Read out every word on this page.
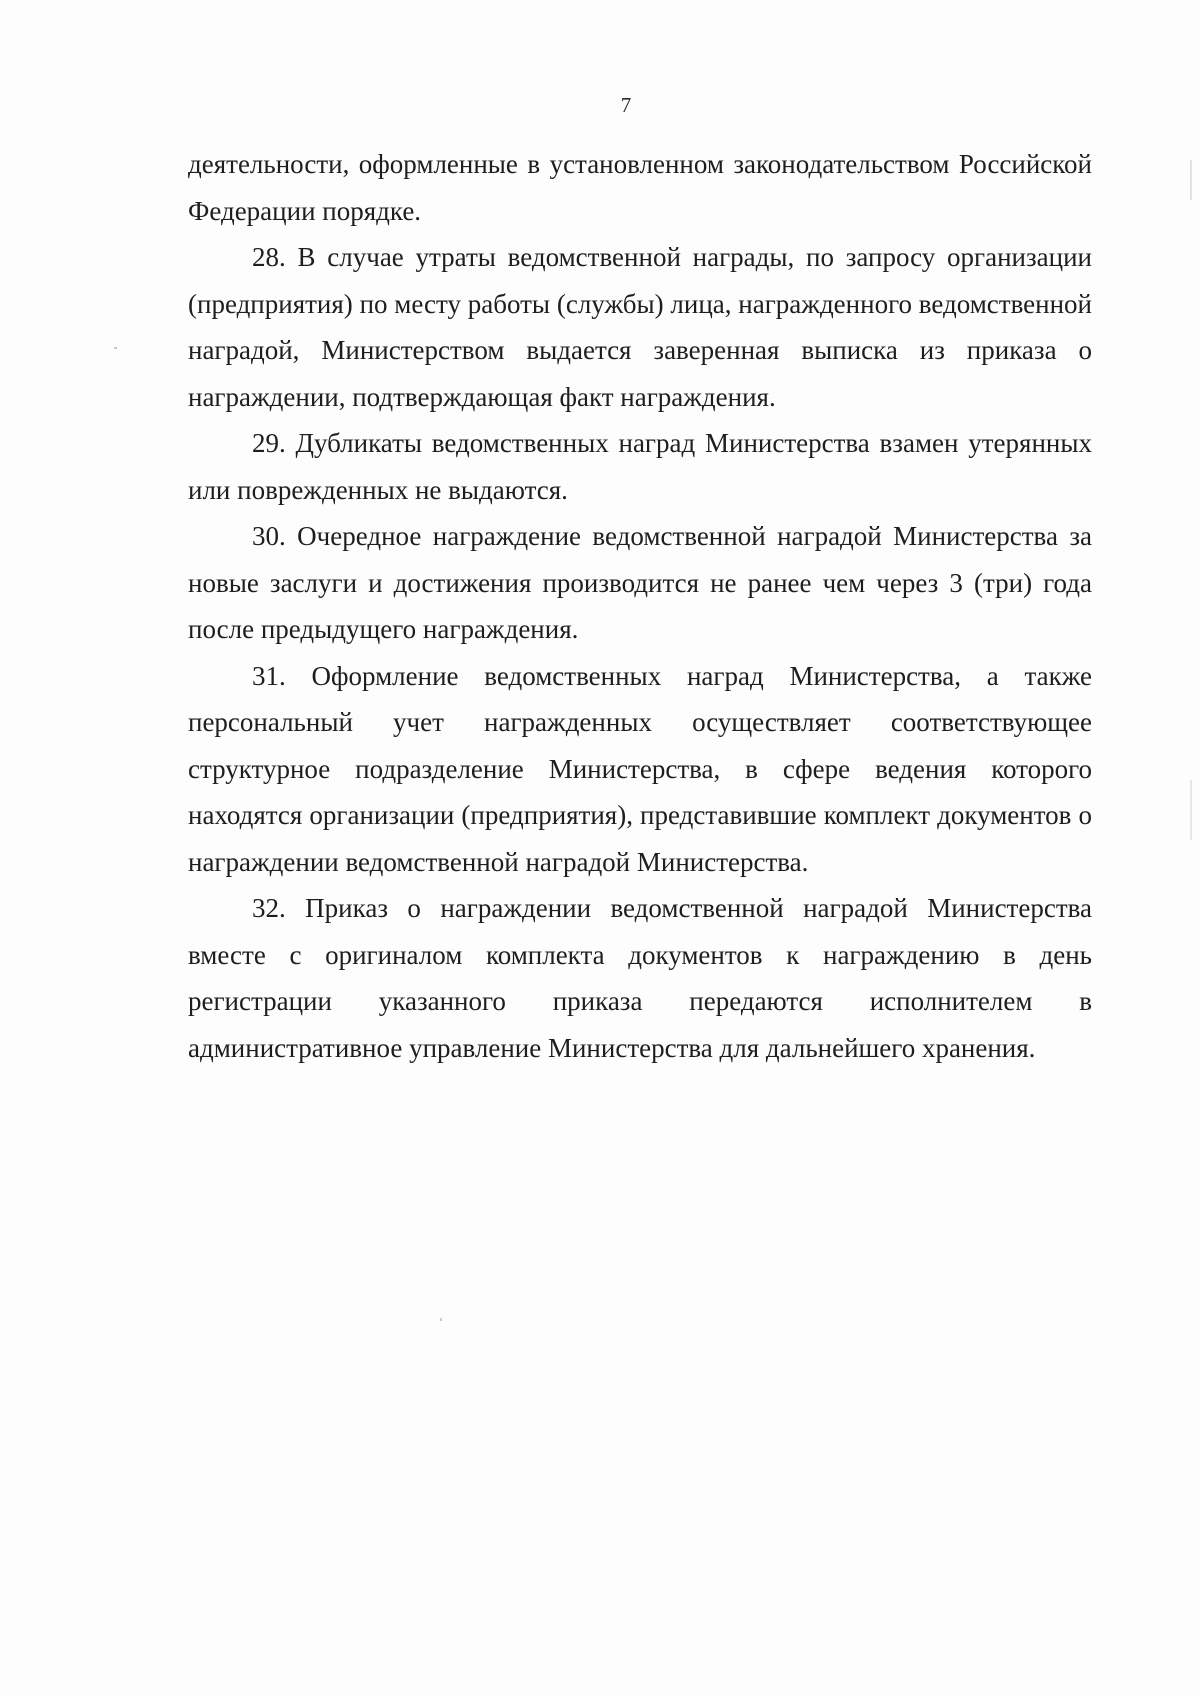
7

деятельности, оформленные в установленном законодательством Российской Федерации порядке.

28. В случае утраты ведомственной награды, по запросу организации (предприятия) по месту работы (службы) лица, награжденного ведомственной наградой, Министерством выдается заверенная выписка из приказа о награждении, подтверждающая факт награждения.

29. Дубликаты ведомственных наград Министерства взамен утерянных или поврежденных не выдаются.

30. Очередное награждение ведомственной наградой Министерства за новые заслуги и достижения производится не ранее чем через 3 (три) года после предыдущего награждения.

31. Оформление ведомственных наград Министерства, а также персональный учет награжденных осуществляет соответствующее структурное подразделение Министерства, в сфере ведения которого находятся организации (предприятия), представившие комплект документов о награждении ведомственной наградой Министерства.

32. Приказ о награждении ведомственной наградой Министерства вместе с оригиналом комплекта документов к награждению в день регистрации указанного приказа передаются исполнителем в административное управление Министерства для дальнейшего хранения.
